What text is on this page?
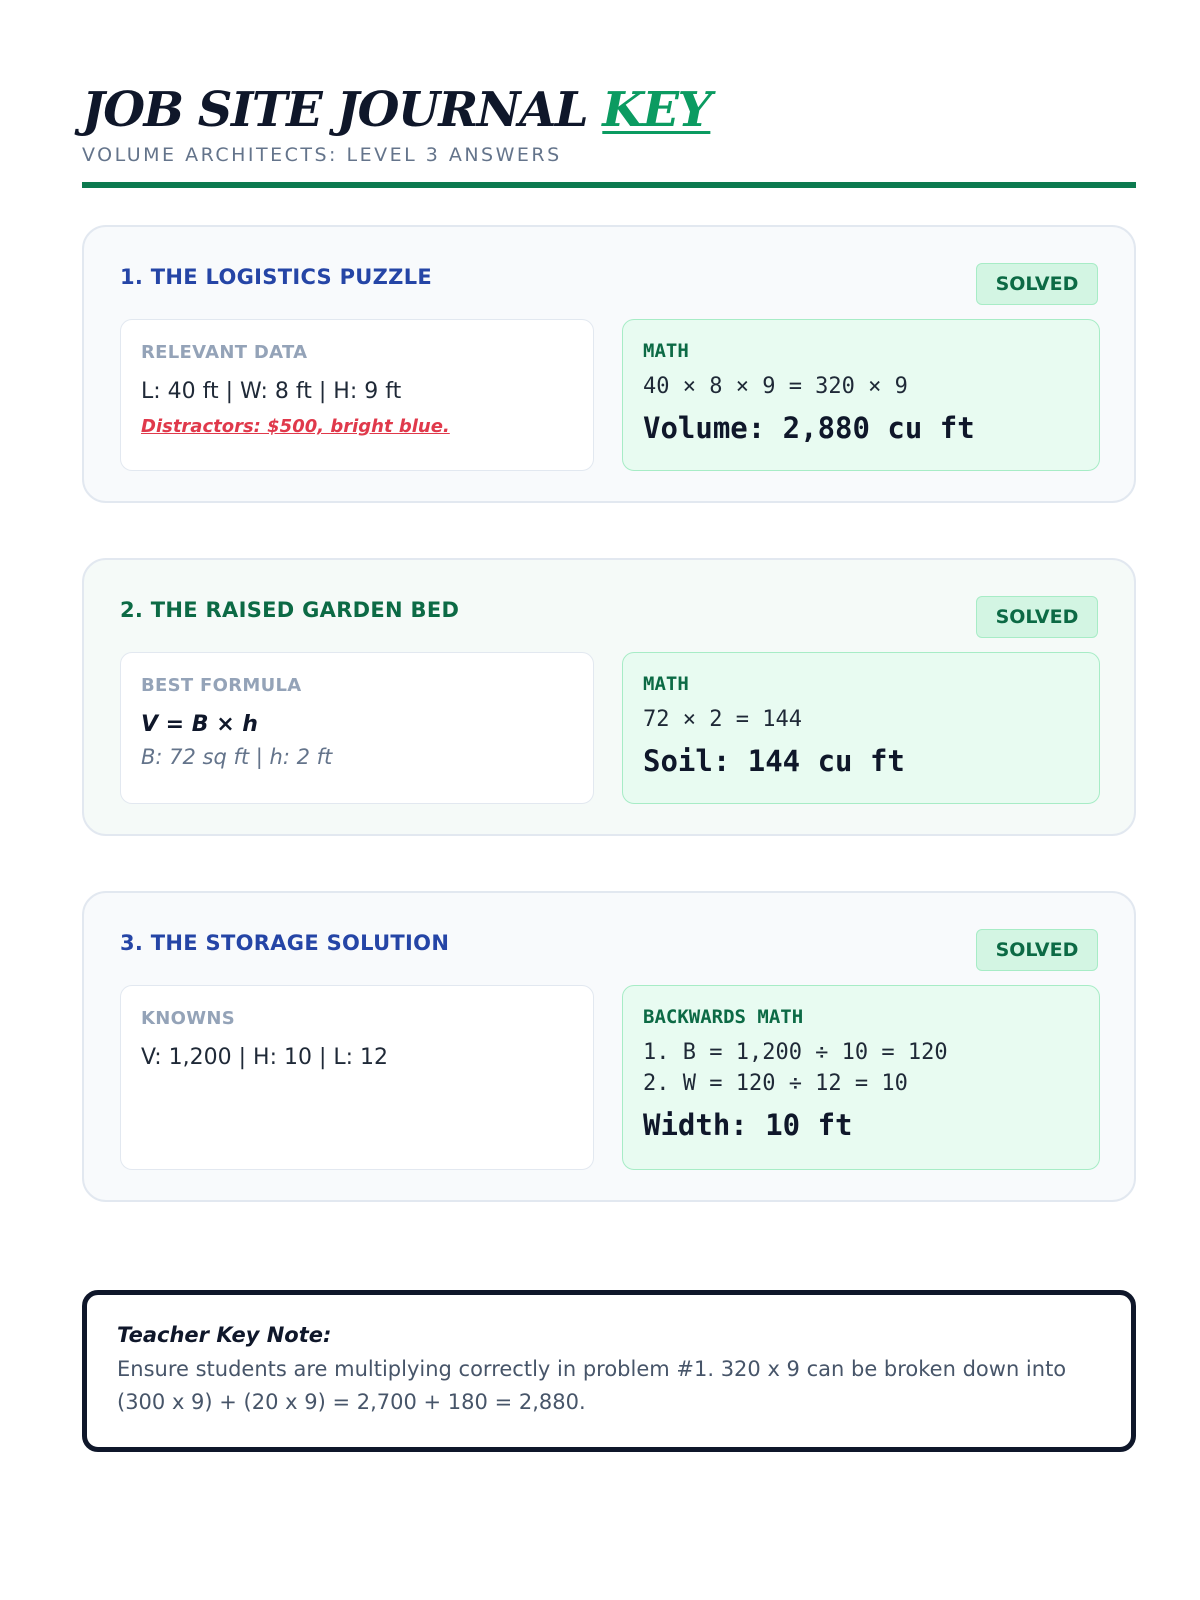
JOB SITE JOURNAL KEY
VOLUME ARCHITECTS: LEVEL 3 ANSWERS
1. THE LOGISTICS PUZZLE	SOLVED
RELEVANT DATA
L: 40 ft | W: 8 ft | H: 9 ft
Distractors: $500, bright blue.
MATH
40 × 8 × 9 = 320 × 9
Volume: 2,880 cu ft
2. THE RAISED GARDEN BED	SOLVED
BEST FORMULA
V = B × h
B: 72 sq ft | h: 2 ft
MATH
72 × 2 = 144
Soil: 144 cu ft
3. THE STORAGE SOLUTION	SOLVED
KNOWNS
V: 1,200 | H: 10 | L: 12
BACKWARDS MATH
1. B = 1,200 ÷ 10 = 120
2. W = 120 ÷ 12 = 10
Width: 10 ft
Teacher Key Note:
Ensure students are multiplying correctly in problem #1. 320 x 9 can be broken down into (300 x 9) + (20 x 9) = 2,700 + 180 = 2,880.
